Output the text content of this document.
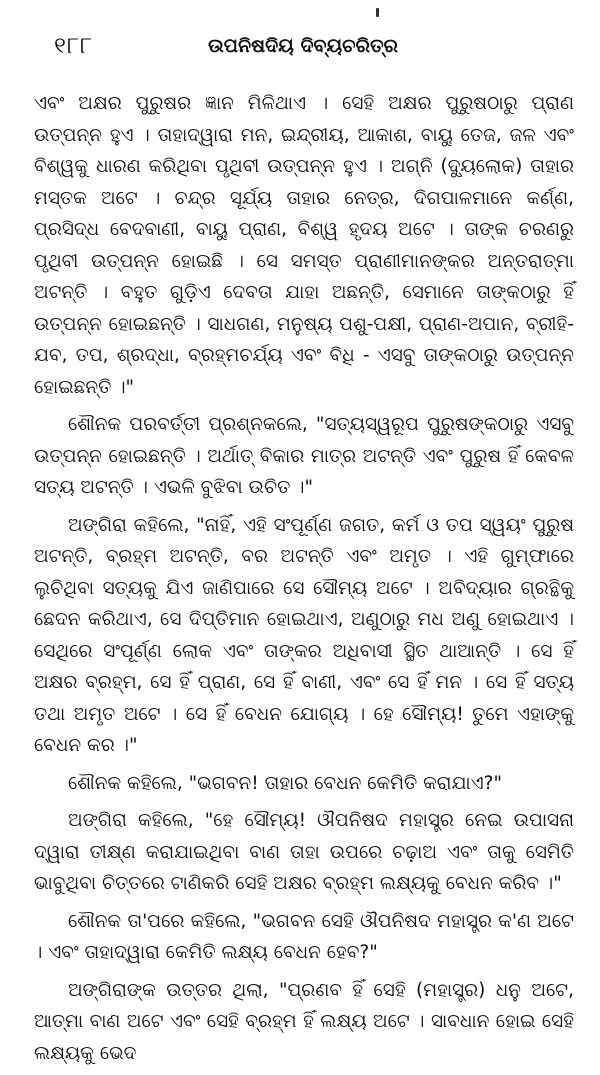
୧୮୮	ଉପନିଷଦିୟ ଦିବ୍ୟଚରିତ୍ର

ଏବଂ ଅକ୍ଷର ପୁରୁଷର ଜ୍ଞାନ ମିଳିଥାଏ । ସେହି ଅକ୍ଷର ପୁରୁଷଠାରୁ ପ୍ରାଣ ଉତ୍ପନ୍ନ ହୁଏ । ତାହାଦ୍ୱାରା ମନ, ଇନ୍ଦ୍ରୀୟ, ଆକାଶ, ବାୟୁ ତେଜ, ଜଳ ଏବଂ ବିଶ୍ୱକୁ ଧାରଣ କରିଥିବା ପୃଥିବୀ ଉତ୍ପନ୍ନ ହୁଏ । ଅଗ୍ନି (ଦ୍ୟୁଲୋକ) ତାହାର ମସ୍ତକ ଅଟେ । ଚନ୍ଦ୍ର ସୂର୍ଯ୍ୟ ତାହାର ନେତ୍ର, ଦିଗପାଳମାନେ କର୍ଣ୍ଣ, ପ୍ରସିଦ୍ଧ ବେଦବାଣୀ, ବାୟୁ ପ୍ରାଣ, ବିଶ୍ୱ ହୃଦୟ ଅଟେ । ତାଙ୍କ ଚରଣରୁ ପୃଥିବୀ ଉତ୍ପନ୍ନ ହୋଇଛି । ସେ ସମସ୍ତ ପ୍ରାଣୀମାନଙ୍କର ଅନ୍ତରାତ୍ମା ଅଟନ୍ତି । ବହୁତ ଗୁଡ଼ିଏ ଦେବତା ଯାହା ଅଛନ୍ତି, ସେମାନେ ତାଙ୍କଠାରୁ ହିଁ ଉତ୍ପନ୍ନ ହୋଇଛନ୍ତି । ସାଧଗଣ, ମନୁଷ୍ୟ ପଶୁ-ପକ୍ଷୀ, ପ୍ରାଣ-ଅପାନ, ବ୍ରୀହି-ଯବ, ତପ, ଶ୍ରଦ୍ଧା, ବ୍ରହ୍ମଚର୍ଯ୍ୟ ଏବଂ ବିଧି - ଏସବୁ ତାଙ୍କଠାରୁ ଉତ୍ପନ୍ନ ହୋଇଛନ୍ତି ।"

ଶୌନକ ପରବର୍ତ୍ତୀ ପ୍ରଶ୍ନକଲେ, "ସତ୍ୟସ୍ୱରୂପ ପୁରୁଷଙ୍କଠାରୁ ଏସବୁ ଉତ୍ପନ୍ନ ହୋଇଛନ୍ତି । ଅର୍ଥାତ୍ ବିକାର ମାତ୍ର ଅଟନ୍ତି ଏବଂ ପୁରୁଷ ହିଁ କେବଳ ସତ୍ୟ ଅଟନ୍ତି । ଏଭଳି ବୁଝିବା ଉଚିତ ।"

ଅଙ୍ଗିରା କହିଲେ, "ନାହିଁ, ଏହି ସଂପୂର୍ଣ୍ଣ ଜଗତ, କର୍ମ ଓ ତପ ସ୍ୱୟଂ ପୁରୁଷ ଅଟନ୍ତି, ବ୍ରହ୍ମ ଅଟନ୍ତି, ବର ଅଟନ୍ତି ଏବଂ ଅମୃତ । ଏହି ଗୁମ୍ଫାରେ ଲୁଚିଥିବା ସତ୍ୟକୁ ଯିଏ ଜାଣିପାରେ ସେ ସୌମ୍ୟ ଅଟେ । ଅବିଦ୍ୟାର ଗ୍ରନ୍ଥିକୁ ଛେଦନ କରିଥାଏ, ସେ ଦିପ୍ତିମାନ ହୋଇଥାଏ, ଅଣୁଠାରୁ ମଧ ଅଣୁ ହୋଇଥାଏ । ସେଥିରେ ସଂପୂର୍ଣ୍ଣ ଲୋକ ଏବଂ ତାଙ୍କର ଅଧିବାସୀ ସ୍ଥିତ ଥାଆନ୍ତି । ସେ ହିଁ ଅକ୍ଷର ବ୍ରହ୍ମ, ସେ ହିଁ ପ୍ରାଣ, ସେ ହିଁ ବାଣୀ, ଏବଂ ସେ ହିଁ ମନ । ସେ ହିଁ ସତ୍ୟ ତଥା ଅମୃତ ଅଟେ । ସେ ହିଁ ବେଧନ ଯୋଗ୍ୟ । ହେ ସୌମ୍ୟ! ତୁମେ ଏହାଙ୍କୁ ବେଧନ କର ।"

ଶୌନକ କହିଲେ, "ଭଗବନ! ତାହାର ବେଧନ କେମିତି କରାଯାଏ?"

ଅଙ୍ଗିରା କହିଲେ, "ହେ ସୌମ୍ୟ! ଔପନିଷଦ ମହାସ୍ତ୍ର ନେଇ ଉପାସନା ଦ୍ୱାରା ତୀକ୍ଷ୍ଣ କରାଯାଇଥିବା ବାଣ ତାହା ଉପରେ ଚଢ଼ାଅ ଏବଂ ତାକୁ ସେମିତି ଭାବୁଥିବା ଚିତ୍ତରେ ଟାଣିକରି ସେହି ଅକ୍ଷର ବ୍ରହ୍ମ ଲକ୍ଷ୍ୟକୁ ବେଧନ କରିବ ।"

ଶୌନକ ତା'ପରେ କହିଲେ, "ଭଗବନ ସେହି ଔପନିଷଦ ମହାସ୍ତ୍ର କ'ଣ ଅଟେ । ଏବଂ ତାହାଦ୍ୱାରା କେମିତି ଲକ୍ଷ୍ୟ ବେଧନ ହେବ?"

ଅଙ୍ଗିରାଙ୍କ ଉତ୍ତର ଥିଲା, "ପ୍ରଣବ ହିଁ ସେହି (ମହାସ୍ତ୍ର) ଧନୁ ଅଟେ, ଆତ୍ମା ବାଣ ଅଟେ ଏବଂ ସେହି ବ୍ରହ୍ମ ହିଁ ଲକ୍ଷ୍ୟ ଅଟେ । ସାବଧାନ ହୋଇ ସେହି ଲକ୍ଷ୍ୟକୁ ଭେଦ
